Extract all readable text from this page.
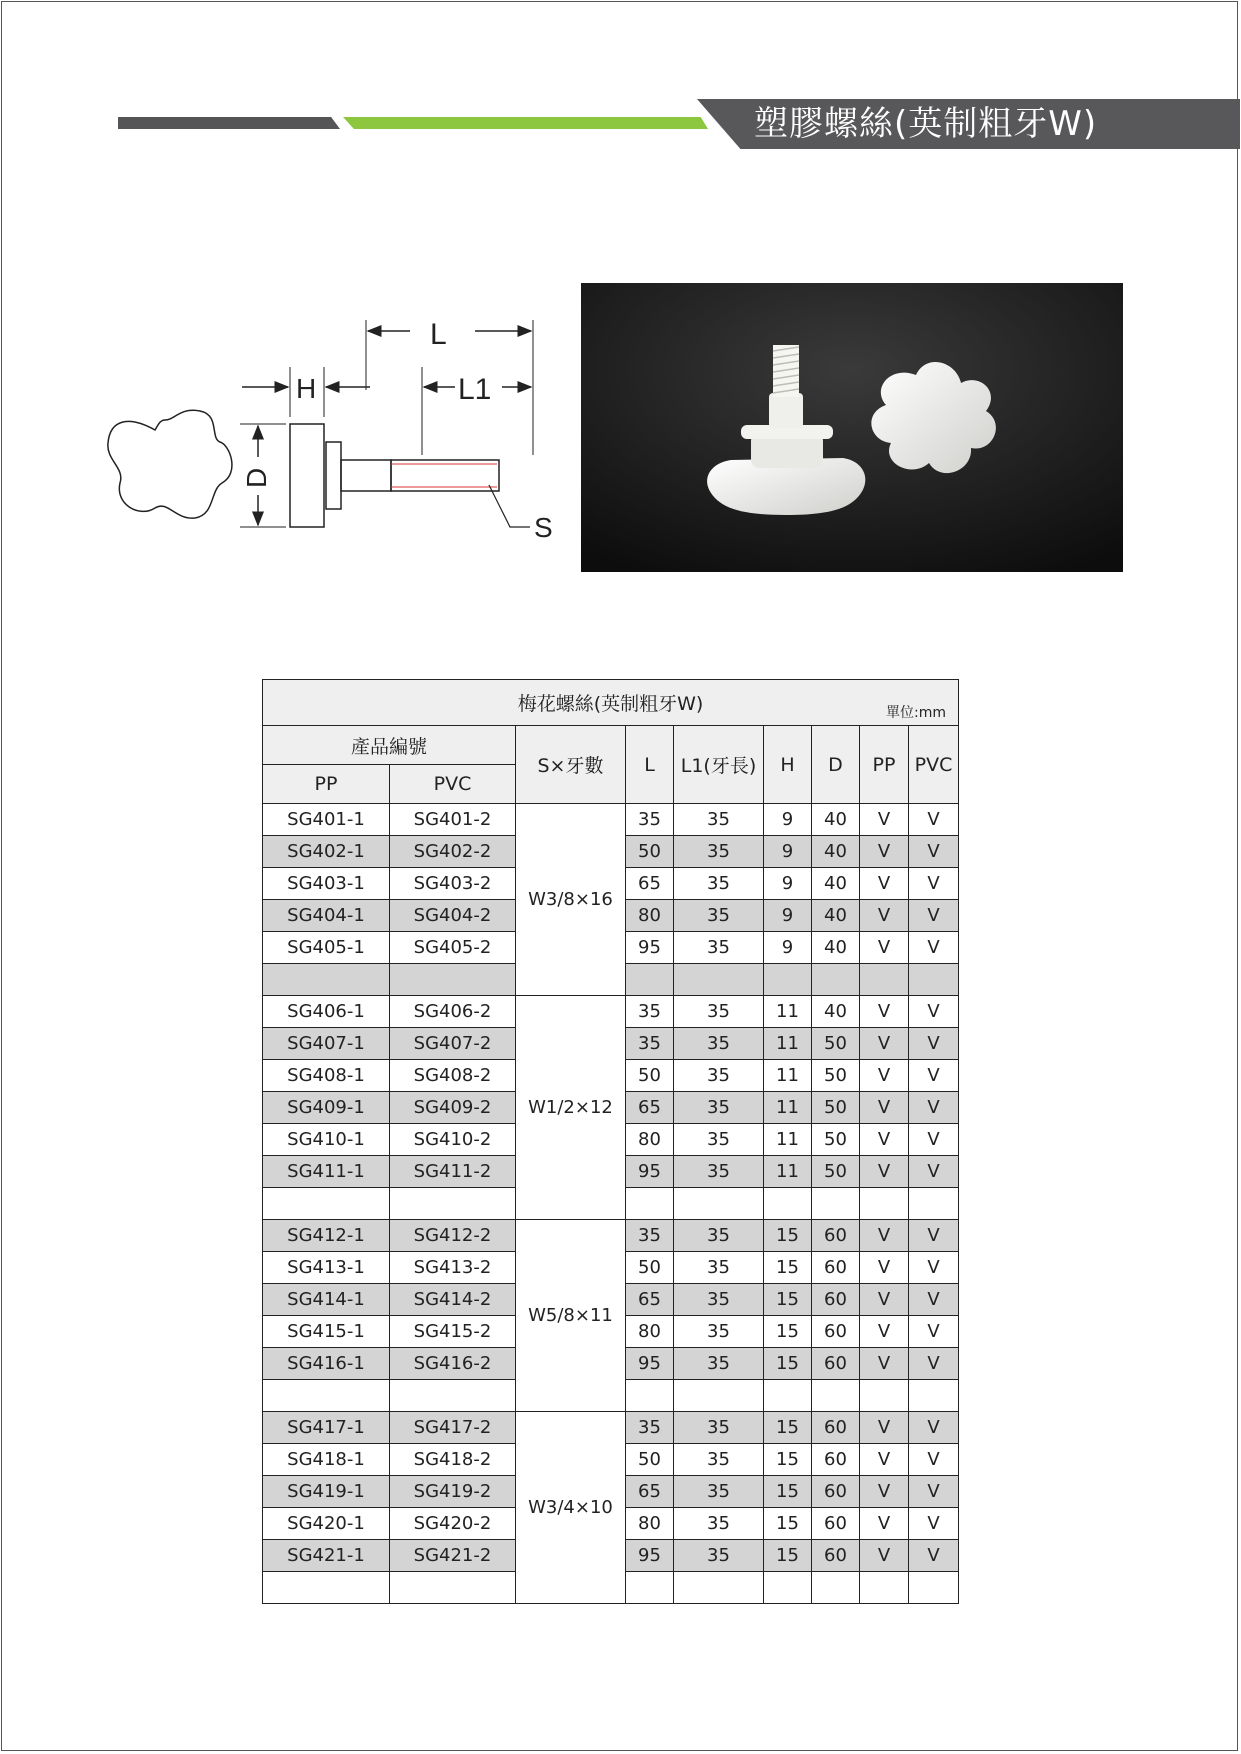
塑膠螺絲(英制粗牙W)
L
L1
H
D
S
梅花螺絲(英制粗牙W) 單位:mm								

產品編號		S×牙數	L	L1(牙長)	H	D	PP	PVC
PP	PVC							
SG401-1	SG401-2	W3/8×16	35	35	9	40	V	V
SG402-1	SG402-2		50	35	9	40	V	V
SG403-1	SG403-2		65	35	9	40	V	V
SG404-1	SG404-2		80	35	9	40	V	V
SG405-1	SG405-2		95	35	9	40	V	V

SG406-1	SG406-2	W1/2×12	35	35	11	40	V	V
SG407-1	SG407-2		35	35	11	50	V	V
SG408-1	SG408-2		50	35	11	50	V	V
SG409-1	SG409-2		65	35	11	50	V	V
SG410-1	SG410-2		80	35	11	50	V	V
SG411-1	SG411-2		95	35	11	50	V	V

SG412-1	SG412-2	W5/8×11	35	35	15	60	V	V
SG413-1	SG413-2		50	35	15	60	V	V
SG414-1	SG414-2		65	35	15	60	V	V
SG415-1	SG415-2		80	35	15	60	V	V
SG416-1	SG416-2		95	35	15	60	V	V

SG417-1	SG417-2	W3/4×10	35	35	15	60	V	V
SG418-1	SG418-2		50	35	15	60	V	V
SG419-1	SG419-2		65	35	15	60	V	V
SG420-1	SG420-2		80	35	15	60	V	V
SG421-1	SG421-2		95	35	15	60	V	V
